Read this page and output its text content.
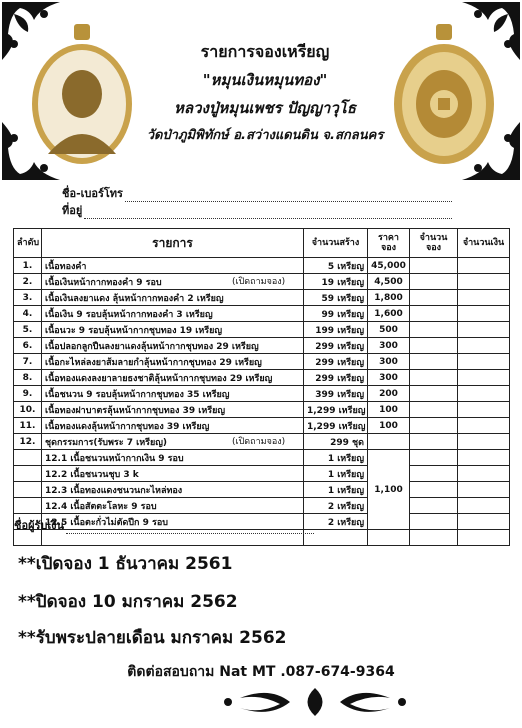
รายการจองเหรียญ
"หมุนเงินหมุนทอง"
หลวงปู่หมุนเพชร ปัญญาวุโธ
วัดป่าภูมิพิทักษ์ อ.สว่างแดนดิน จ.สกลนคร
ชื่อ-เบอร์โทร
ที่อยู่
ลำดับ	รายการ	จำนวนสร้าง	ราคาจอง	จำนวนจอง	จำนวนเงิน
1.	เนื้อทองคำ	5 เหรียญ	45,000		
2.	เนื้อเงินหน้ากากทองคำ 9 รอบ (เปิดถามจอง)	19 เหรียญ	4,500		
3.	เนื้อเงินลงยาแดง ลุ้นหน้ากากทองคำ 2 เหรียญ	59 เหรียญ	1,800		
4.	เนื้อเงิน 9 รอบลุ้นหน้ากากทองคำ 3 เหรียญ	99 เหรียญ	1,600		
5.	เนื้อนวะ 9 รอบลุ้นหน้ากากชุบทอง 19 เหรียญ	199 เหรียญ	500		
6.	เนื้อปลอกลูกปืนลงยาแดงลุ้นหน้ากากชุบทอง 29 เหรียญ	299 เหรียญ	300		
7.	เนื้อกะไหล่ลงยาส้มลายกำลุ้นหน้ากากชุบทอง 29 เหรียญ	299 เหรียญ	300		
8.	เนื้อทองแดงลงยาลายธงชาติลุ้นหน้ากากชุบทอง 29 เหรียญ	299 เหรียญ	300		
9.	เนื้อชนวน 9 รอบลุ้นหน้ากากชุบทอง 35 เหรียญ	399 เหรียญ	200		
10.	เนื้อทองฝาบาตรลุ้นหน้ากากชุบทอง 39 เหรียญ	1,299 เหรียญ	100		
11.	เนื้อทองแดงลุ้นหน้ากากชุบทอง 39 เหรียญ	1,299 เหรียญ	100		
12.	ชุดกรรมการ(รับพระ 7 เหรียญ) (เปิดถามจอง)	299 ชุด			
	12.1 เนื้อชนวนหน้ากากเงิน 9 รอบ	1 เหรียญ	1,100		
	12.2 เนื้อชนวนชุบ 3 k	1 เหรียญ			
	12.3 เนื้อทองแดงชนวนกะไหล่ทอง	1 เหรียญ			
	12.4 เนื้อสัตตะโลหะ 9 รอบ	2 เหรียญ			
	12.5 เนื้อตะกั่วไม่ตัดปีก 9 รอบ	2 เหรียญ			

ชื่อผู้รับเงิน
**เปิดจอง 1 ธันวาคม 2561
**ปิดจอง 10 มกราคม 2562
**รับพระปลายเดือน มกราคม 2562
ติดต่อสอบถาม Nat MT .087-674-9364
